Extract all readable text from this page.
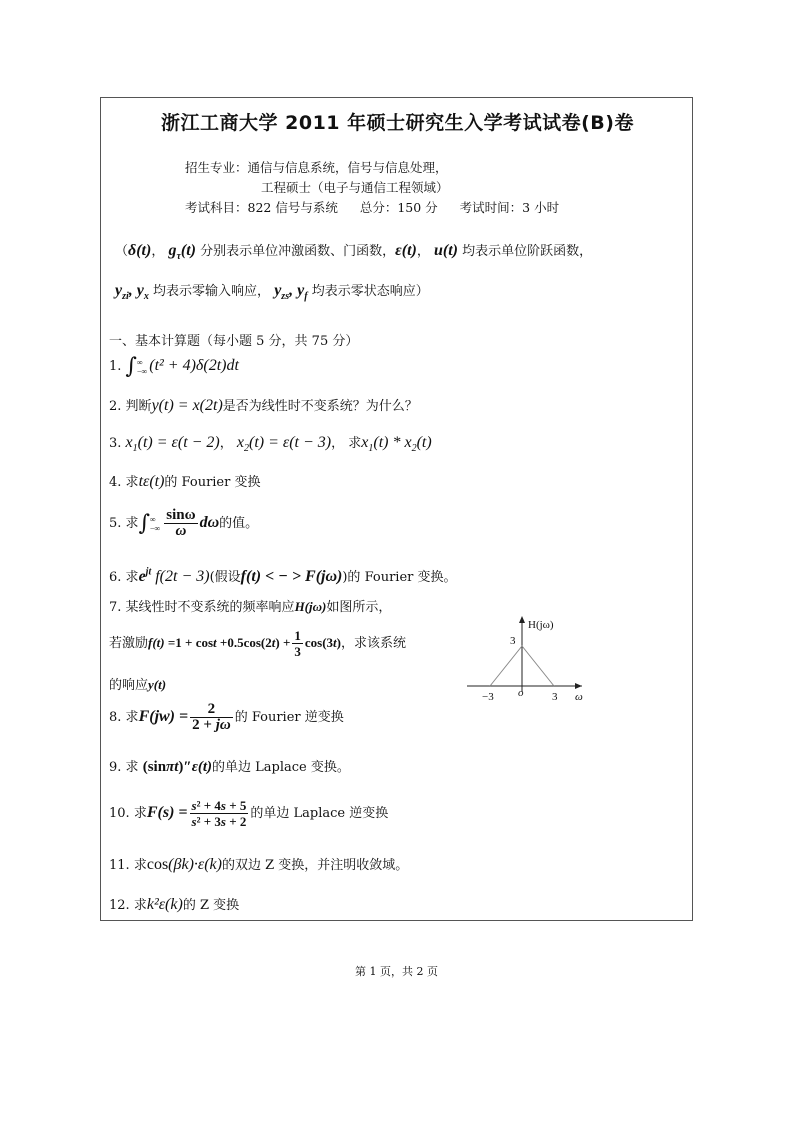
浙江工商大学 2011 年硕士研究生入学考试试卷(B)卷
招生专业：通信与信息系统，信号与信息处理，
工程硕士（电子与通信工程领域）
考试科目：822 信号与系统 总分：150 分 考试时间：3 小时
（δ(t)， $g_\tau(t)$ 分别表示单位冲激函数、门函数，ε(t)， u(t) 均表示单位阶跃函数，
$y_{zi}$, $y_x$ 均表示零输入响应， $y_{zs}$, $y_f$ 均表示零状态响应）
一、基本计算题（每小题 5 分，共 75 分）
1. ∫∞
−∞ (t² + 4)δ(2t)dt
2. 判断y(t) = x(2t)是否为线性时不变系统？为什么？
3. $x_1(t) = \varepsilon(t - 2)$， $x_2(t) = \varepsilon(t - 3)$， 求$x_1(t) * x_2(t)$
4. 求tε(t)的 Fourier 变换
5. 求∫∞
−∞ $\frac{\sin\omega}{\omega}$ dω的值。
6. 求$e^{jt}$ f(2t − 3)(假设f(t) < − > F(jω))的 Fourier 变换。
7. 某线性时不变系统的频率响应H(jω)如图所示，
若激励$f(t) =1 + \cos t +0.5\cos(2t) + \frac{1}{3} \cos(3t)$，求该系统
的响应y(t)
8. 求$F(jw) = \frac{2}{2 + j\omega}$ 的 Fourier 逆变换
9. 求 (sinπt)″ε(t)的单边 Laplace 变换。
10. 求$F(s) = \frac{\text{s² + 4s + 5}}{\text{s² + 3s + 2}}$ 的单边 Laplace 逆变换
11. 求cos(βk)·ε(k)的双边 Z 变换，并注明收敛域。
12. 求k²ε(k)的 Z 变换
H(jω)
3
−3 o	3 ω
第 1 页，共 2 页
